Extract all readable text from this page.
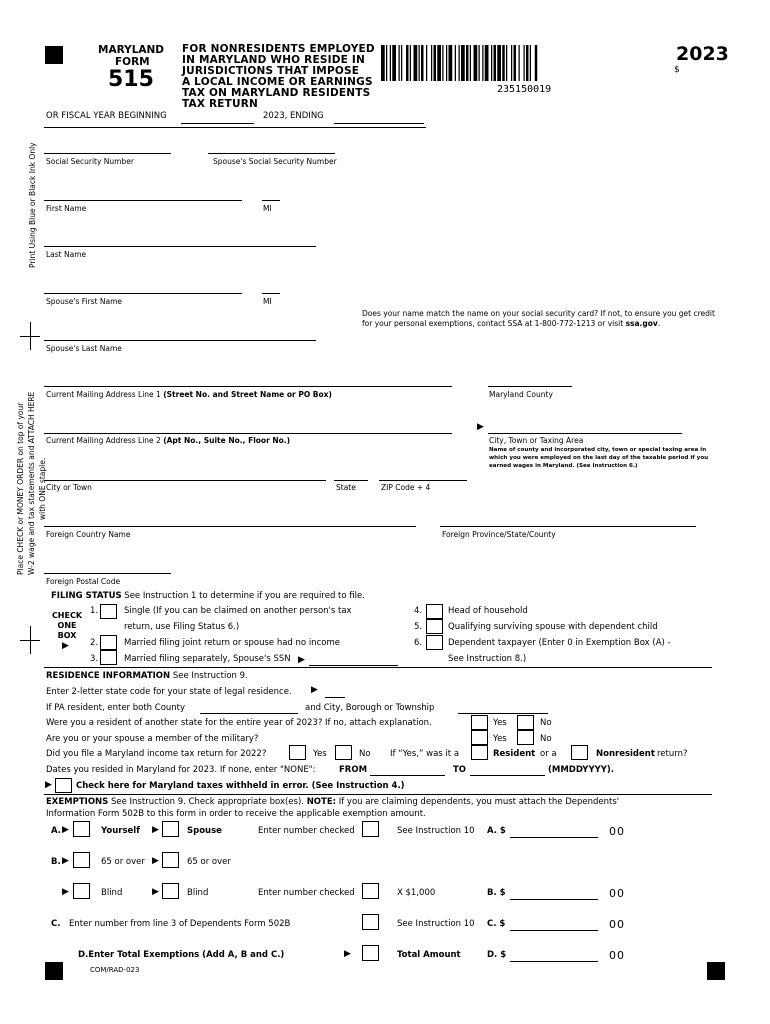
MARYLAND
FORM
515
FOR NONRESIDENTS EMPLOYED
IN MARYLAND WHO RESIDE IN
JURISDICTIONS THAT IMPOSE
A LOCAL INCOME OR EARNINGS
TAX ON MARYLAND RESIDENTS
TAX RETURN
235150019
2023
$
OR FISCAL YEAR BEGINNING	2023, ENDING
Print Using Blue or Black Ink Only
Place CHECK or MONEY ORDER on top of your W-2 wage and tax statements and ATTACH HERE with ONE staple.
Social Security Number	Spouse's Social Security Number
First Name	MI
Last Name
Spouse's First Name	MI
Does your name match the name on your social security card? If not, to ensure you get credit
for your personal exemptions, contact SSA at 1-800-772-1213 or visit ssa.gov.
Spouse's Last Name
Current Mailing Address Line 1 (Street No. and Street Name or PO Box)	Maryland County
Current Mailing Address Line 2 (Apt No., Suite No., Floor No.)
▶
City, Town or Taxing Area
Name of county and incorporated city, town or special taxing area in which you were employed on the last day of the taxable period if you earned wages in Maryland. (See Instruction 6.)
City or Town	State	ZIP Code + 4
Foreign Country Name	Foreign Province/State/County
Foreign Postal Code
FILING STATUS See Instruction 1 to determine if you are required to file.
CHECK
ONE
BOX
▶
1.	Single (If you can be claimed on another person's tax
return, use Filing Status 6.)
2.	Married filing joint return or spouse had no income
3.	Married filing separately, Spouse's SSN ▶
4.	Head of household
5.	Qualifying surviving spouse with dependent child
6.	Dependent taxpayer (Enter 0 in Exemption Box (A) -
See Instruction 8.)
RESIDENCE INFORMATION See Instruction 9.
Enter 2-letter state code for your state of legal residence. ▶
If PA resident, enter both County	and City, Borough or Township
Were you a resident of another state for the entire year of 2023? If no, attach explanation.	Yes	No
Are you or your spouse a member of the military?	Yes	No
Did you file a Maryland income tax return for 2022?	Yes	No If “Yes,” was it a	Resident or a	Nonresident return?
Dates you resided in Maryland for 2023. If none, enter "NONE":	FROM	TO	(MMDDYYYY).
▶	Check here for Maryland taxes withheld in error. (See Instruction 4.)
EXEMPTIONS See Instruction 9. Check appropriate box(es). NOTE: If you are claiming dependents, you must attach the Dependents'
Information Form 502B to this form in order to receive the applicable exemption amount.
A. ▶	Yourself ▶	Spouse	Enter number checked	See Instruction 10 A. $	00
B. ▶	65 or over ▶	65 or over
▶	Blind	▶	Blind	Enter number checked	X $1,000	B. $	00
C. Enter number from line 3 of Dependents Form 502B	See Instruction 10 C. $	00
D.Enter Total Exemptions (Add A, B and C.)	▶	Total Amount	D. $	00
COM/RAD-023
